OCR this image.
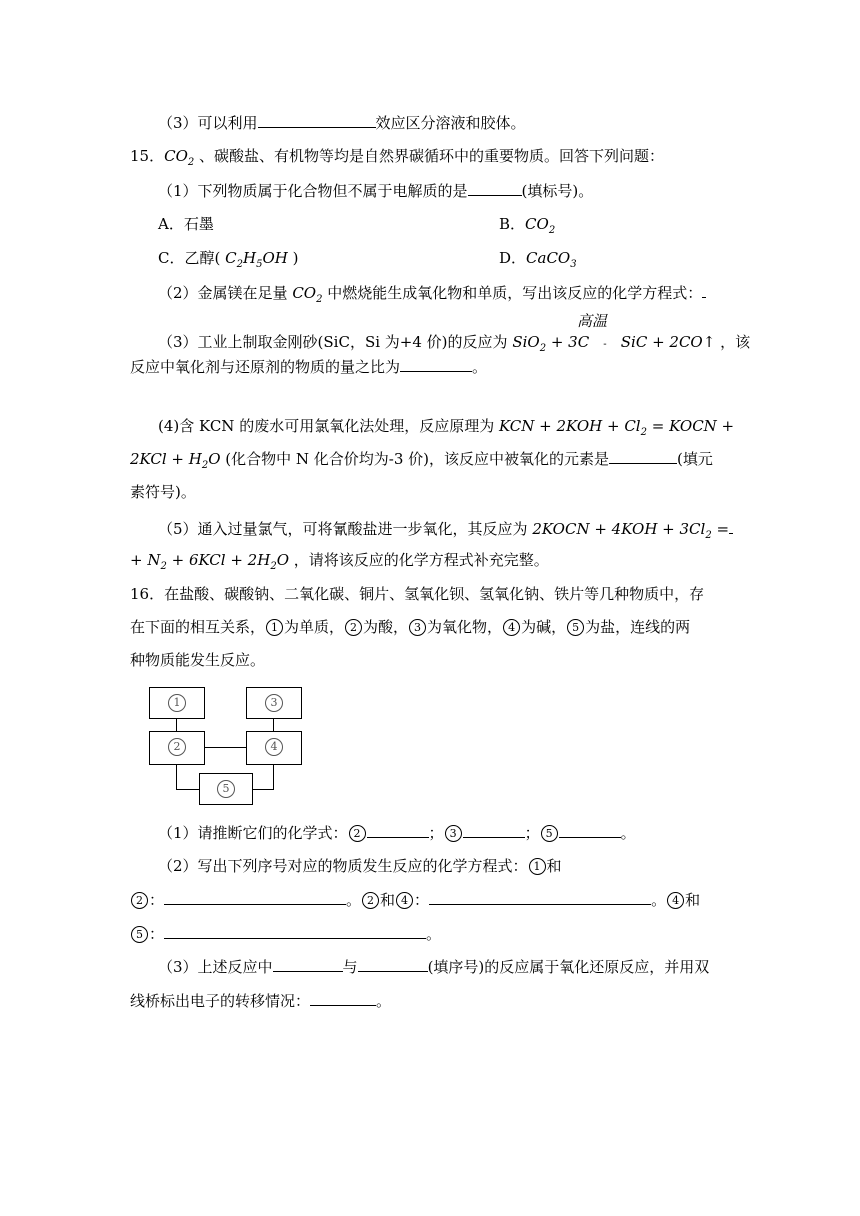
（3）可以利用	效应区分溶液和胶体。
15．$CO_2$ 、碳酸盐、有机物等均是自然界碳循环中的重要物质。回答下列问题：
（1）下列物质属于化合物但不属于电解质的是	(填标号)。
A．石墨	B．$CO_2$
C．乙醇( $C_2H_5OH$ )	D．CaCO$_3$
（2）金属镁在足量 $CO_2$ 中燃烧能生成氧化物和单质，写出该反应的化学方程式：
高温
（3）工业上制取金刚砂(SiC，Si 为+4 价)的反应为 SiO$_2$ + 3C - SiC + 2CO↑ ，该
反应中氧化剂与还原剂的物质的量之比为	。
(4)含 KCN 的废水可用氯氧化法处理，反应原理为 KCN + $2KOH + Cl_2$ = KOCN +
$2KCl + H_2O$ (化合物中 N 化合价均为-3 价)，该反应中被氧化的元素是	(填元
素符号)。
（5）通入过量氯气，可将氰酸盐进一步氧化，其反应为 2KOCN + $4KOH + 3Cl_2$ =
+ $N_2 + 6KCl + 2H_2O$ ，请将该反应的化学方程式补充完整。
16．在盐酸、碳酸钠、二氧化碳、铜片、氢氧化钡、氢氧化钠、铁片等几种物质中，存
在下面的相互关系， 1 为单质， 2 为酸， 3 为氧化物， 4 为碱， 5 为盐，连线的两
种物质能发生反应。
1	3
2	4
5
（1）请推断它们的化学式： 2	； 3	； 5	。
（2）写出下列序号对应的物质发生反应的化学方程式： 1 和
2 ：	。 2 和 4 ：	。 4 和
5 ：	。
（3）上述反应中	与	(填序号)的反应属于氧化还原反应，并用双
线桥标出电子的转移情况：	。
